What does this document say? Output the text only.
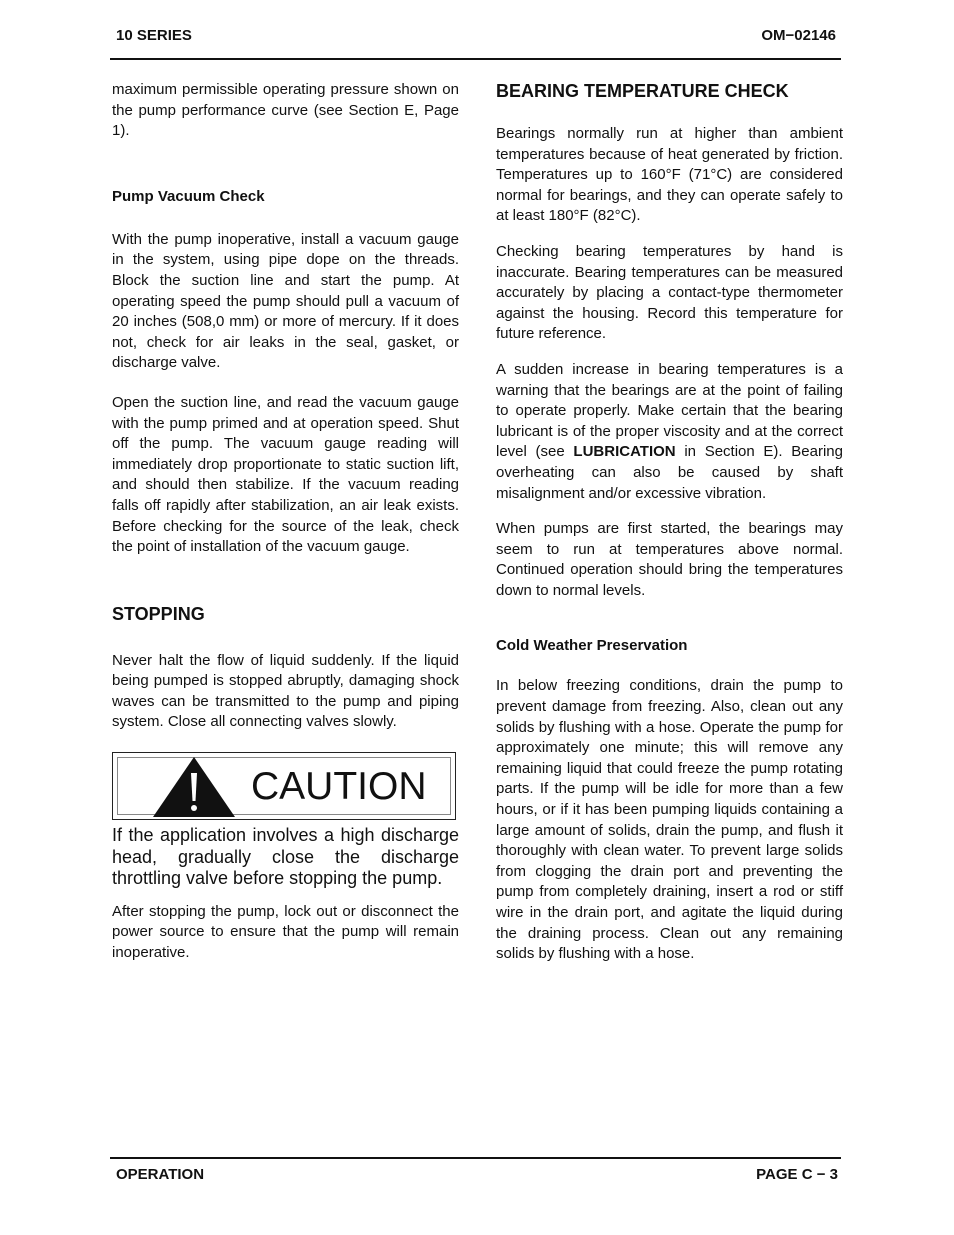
10 SERIES	OM−02146

maximum permissible operating pressure shown on the pump performance curve (see Section E, Page 1).

Pump Vacuum Check

With the pump inoperative, install a vacuum gauge in the system, using pipe dope on the threads. Block the suction line and start the pump. At operating speed the pump should pull a vacuum of 20 inches (508,0 mm) or more of mercury. If it does not, check for air leaks in the seal, gasket, or discharge valve.

Open the suction line, and read the vacuum gauge with the pump primed and at operation speed. Shut off the pump. The vacuum gauge reading will immediately drop proportionate to static suction lift, and should then stabilize. If the vacuum reading falls off rapidly after stabilization, an air leak exists. Before checking for the source of the leak, check the point of installation of the vacuum gauge.

STOPPING

Never halt the flow of liquid suddenly. If the liquid being pumped is stopped abruptly, damaging shock waves can be transmitted to the pump and piping system. Close all connecting valves slowly.

CAUTION

If the application involves a high discharge head, gradually close the discharge throttling valve before stopping the pump.

After stopping the pump, lock out or disconnect the power source to ensure that the pump will remain inoperative.

BEARING TEMPERATURE CHECK

Bearings normally run at higher than ambient temperatures because of heat generated by friction. Temperatures up to 160°F (71°C) are considered normal for bearings, and they can operate safely to at least 180°F (82°C).

Checking bearing temperatures by hand is inaccurate. Bearing temperatures can be measured accurately by placing a contact-type thermometer against the housing. Record this temperature for future reference.

A sudden increase in bearing temperatures is a warning that the bearings are at the point of failing to operate properly. Make certain that the bearing lubricant is of the proper viscosity and at the correct level (see LUBRICATION in Section E). Bearing overheating can also be caused by shaft misalignment and/or excessive vibration.

When pumps are first started, the bearings may seem to run at temperatures above normal. Continued operation should bring the temperatures down to normal levels.

Cold Weather Preservation

In below freezing conditions, drain the pump to prevent damage from freezing. Also, clean out any solids by flushing with a hose. Operate the pump for approximately one minute; this will remove any remaining liquid that could freeze the pump rotating parts. If the pump will be idle for more than a few hours, or if it has been pumping liquids containing a large amount of solids, drain the pump, and flush it thoroughly with clean water. To prevent large solids from clogging the drain port and preventing the pump from completely draining, insert a rod or stiff wire in the drain port, and agitate the liquid during the draining process. Clean out any remaining solids by flushing with a hose.

OPERATION	PAGE C − 3
